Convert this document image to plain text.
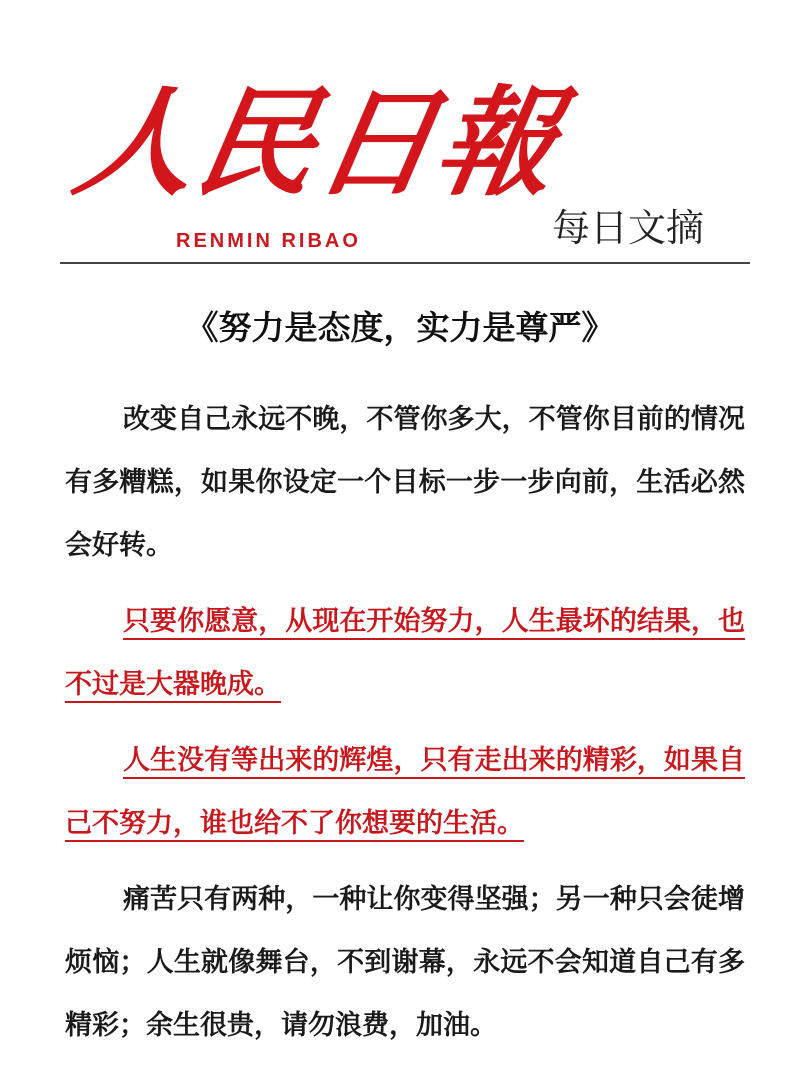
人民日報
RENMIN RIBAO	每日文摘
《努力是态度，实力是尊严》

改变自己永远不晚，不管你多大，不管你目前的情况有多糟糕，如果你设定一个目标一步一步向前，生活必然会好转。

只要你愿意，从现在开始努力，人生最坏的结果，也不过是大器晚成。

人生没有等出来的辉煌，只有走出来的精彩，如果自己不努力，谁也给不了你想要的生活。

痛苦只有两种，一种让你变得坚强；另一种只会徒增烦恼；人生就像舞台，不到谢幕，永远不会知道自己有多精彩；余生很贵，请勿浪费，加油。
